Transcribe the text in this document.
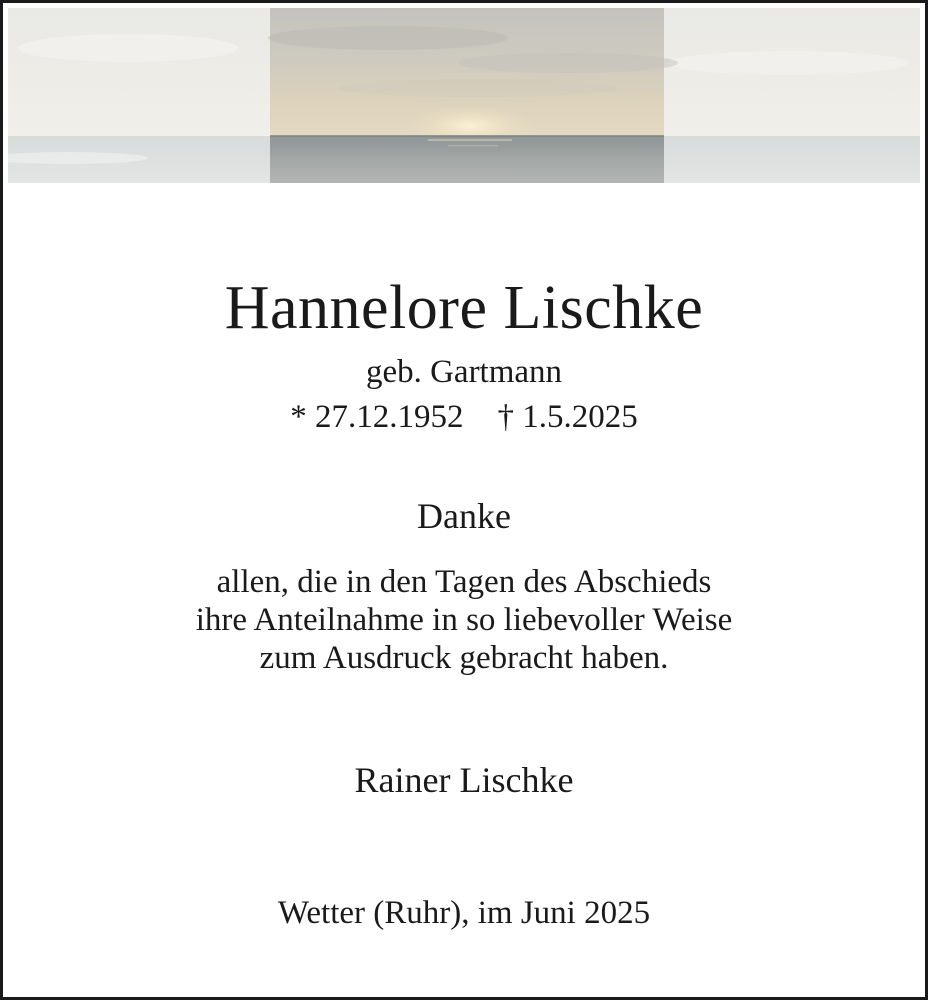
Hannelore Lischke
geb. Gartmann
* 27.12.1952 † 1.5.2025
Danke
allen, die in den Tagen des Abschieds
ihre Anteilnahme in so liebevoller Weise
zum Ausdruck gebracht haben.
Rainer Lischke
Wetter (Ruhr), im Juni 2025
